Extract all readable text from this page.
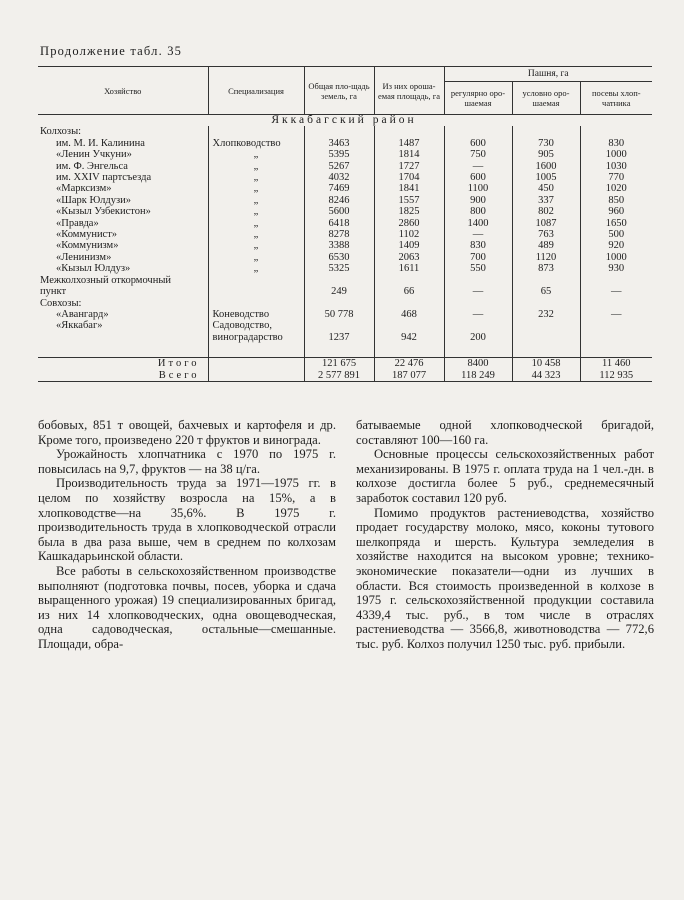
Продолжение табл. 35
Хозяйство	Специализация	Общая пло-щадь земель, га	Из них ороша-емая площадь, га	Пашня, га		
				регулярно оро-шаемая	условно оро-шаемая	посевы хлоп-чатника
Яккабагский район						
Колхозы:						
им. М. И. Калинина	Хлопководство	3463	1487	600	730	830
«Ленин Учкуни»	„	5395	1814	750	905	1000
им. Ф. Энгельса	„	5267	1727	—	1600	1030
им. XXIV партсъезда	„	4032	1704	600	1005	770
«Марксизм»	„	7469	1841	1100	450	1020
«Шарк Юлдузи»	„	8246	1557	900	337	850
«Кызыл Узбекистон»	„	5600	1825	800	802	960
«Правда»	„	6418	2860	1400	1087	1650
«Коммунист»	„	8278	1102	—	763	500
«Коммунизм»	„	3388	1409	830	489	920
«Ленинизм»	„	6530	2063	700	1120	1000
«Кызыл Юлдуз»	„	5325	1611	550	873	930
Межколхозный откормочный						
пункт		249	66	—	65	—
Совхозы:						
«Авангард»	Коневодство	50 778	468	—	232	—
«Яккабаг»	Садоводство,					
	виноградарство	1237	942	200		

Итого		121 675	22 476	8400	10 458	11 460
Всего		2 577 891	187 077	118 249	44 323	112 935

бобовых, 851 т овощей, бахчевых и картофеля и др. Кроме того, произведено 220 т фруктов и винограда.

Урожайность хлопчатника с 1970 по 1975 г. повысилась на 9,7, фруктов — на 38 ц/га.

Производительность труда за 1971—1975 гг. в целом по хозяйству возросла на 15%, а в хлопководстве—на 35,6%. В 1975 г. производительность труда в хлопководческой отрасли была в два раза выше, чем в среднем по колхозам Кашкадарьинской области.

Все работы в сельскохозяйственном производстве выполняют (подготовка почвы, посев, уборка и сдача выращенного урожая) 19 специализированных бригад, из них 14 хлопководческих, одна овощеводческая, одна садоводческая, остальные—смешанные. Площади, обра-

батываемые одной хлопководческой бригадой, составляют 100—160 га.

Основные процессы сельскохозяйственных работ механизированы. В 1975 г. оплата труда на 1 чел.-дн. в колхозе достигла более 5 руб., среднемесячный заработок составил 120 руб.

Помимо продуктов растениеводства, хозяйство продает государству молоко, мясо, коконы тутового шелкопряда и шерсть. Культура земледелия в хозяйстве находится на высоком уровне; технико-экономические показатели—одни из лучших в области. Вся стоимость произведенной в колхозе в 1975 г. сельскохозяйственной продукции составила 4339,4 тыс. руб., в том числе в отраслях растениеводства — 3566,8, животноводства — 772,6 тыс. руб. Колхоз получил 1250 тыс. руб. прибыли.
